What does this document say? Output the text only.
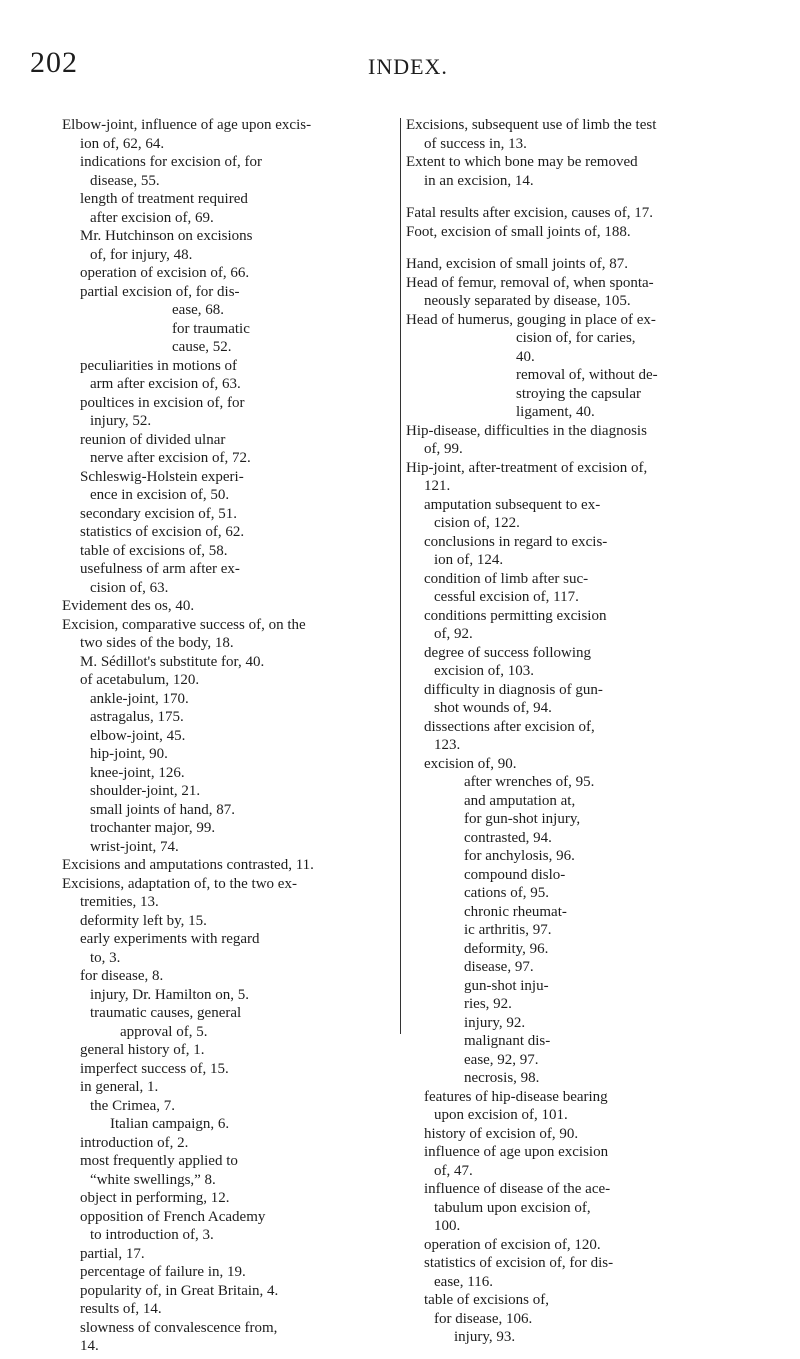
202	INDEX.

Elbow-joint, influence of age upon excis-

ion of, 62, 64.

indications for excision of, for

disease, 55.

length of treatment required

after excision of, 69.

Mr. Hutchinson on excisions

of, for injury, 48.

operation of excision of, 66.

partial excision of, for dis-

ease, 68.

for traumatic

cause, 52.

peculiarities in motions of

arm after excision of, 63.

poultices in excision of, for

injury, 52.

reunion of divided ulnar

nerve after excision of, 72.

Schleswig-Holstein experi-

ence in excision of, 50.

secondary excision of, 51.

statistics of excision of, 62.

table of excisions of, 58.

usefulness of arm after ex-

cision of, 63.

Evidement des os, 40.

Excision, comparative success of, on the

two sides of the body, 18.

M. Sédillot's substitute for, 40.

of acetabulum, 120.

ankle-joint, 170.

astragalus, 175.

elbow-joint, 45.

hip-joint, 90.

knee-joint, 126.

shoulder-joint, 21.

small joints of hand, 87.

trochanter major, 99.

wrist-joint, 74.

Excisions and amputations contrasted, 11.

Excisions, adaptation of, to the two ex-

tremities, 13.

deformity left by, 15.

early experiments with regard

to, 3.

for disease, 8.

injury, Dr. Hamilton on, 5.

traumatic causes, general

approval of, 5.

general history of, 1.

imperfect success of, 15.

in general, 1.

the Crimea, 7.

Italian campaign, 6.

introduction of, 2.

most frequently applied to

“white swellings,” 8.

object in performing, 12.

opposition of French Academy

to introduction of, 3.

partial, 17.

percentage of failure in, 19.

popularity of, in Great Britain, 4.

results of, 14.

slowness of convalescence from,

14.

Excisions, subsequent use of limb the test

of success in, 13.

Extent to which bone may be removed

in an excision, 14.

Fatal results after excision, causes of, 17.

Foot, excision of small joints of, 188.

Hand, excision of small joints of, 87.

Head of femur, removal of, when sponta-

neously separated by disease, 105.

Head of humerus, gouging in place of ex-

cision of, for caries,

40.

removal of, without de-

stroying the capsular

ligament, 40.

Hip-disease, difficulties in the diagnosis

of, 99.

Hip-joint, after-treatment of excision of,

121.

amputation subsequent to ex-

cision of, 122.

conclusions in regard to excis-

ion of, 124.

condition of limb after suc-

cessful excision of, 117.

conditions permitting excision

of, 92.

degree of success following

excision of, 103.

difficulty in diagnosis of gun-

shot wounds of, 94.

dissections after excision of,

123.

excision of, 90.

after wrenches of, 95.

and amputation at,

for gun-shot injury,

contrasted, 94.

for anchylosis, 96.

compound dislo-

cations of, 95.

chronic rheumat-

ic arthritis, 97.

deformity, 96.

disease, 97.

gun-shot inju-

ries, 92.

injury, 92.

malignant dis-

ease, 92, 97.

necrosis, 98.

features of hip-disease bearing

upon excision of, 101.

history of excision of, 90.

influence of age upon excision

of, 47.

influence of disease of the ace-

tabulum upon excision of,

100.

operation of excision of, 120.

statistics of excision of, for dis-

ease, 116.

table of excisions of,

for disease, 106.

injury, 93.
